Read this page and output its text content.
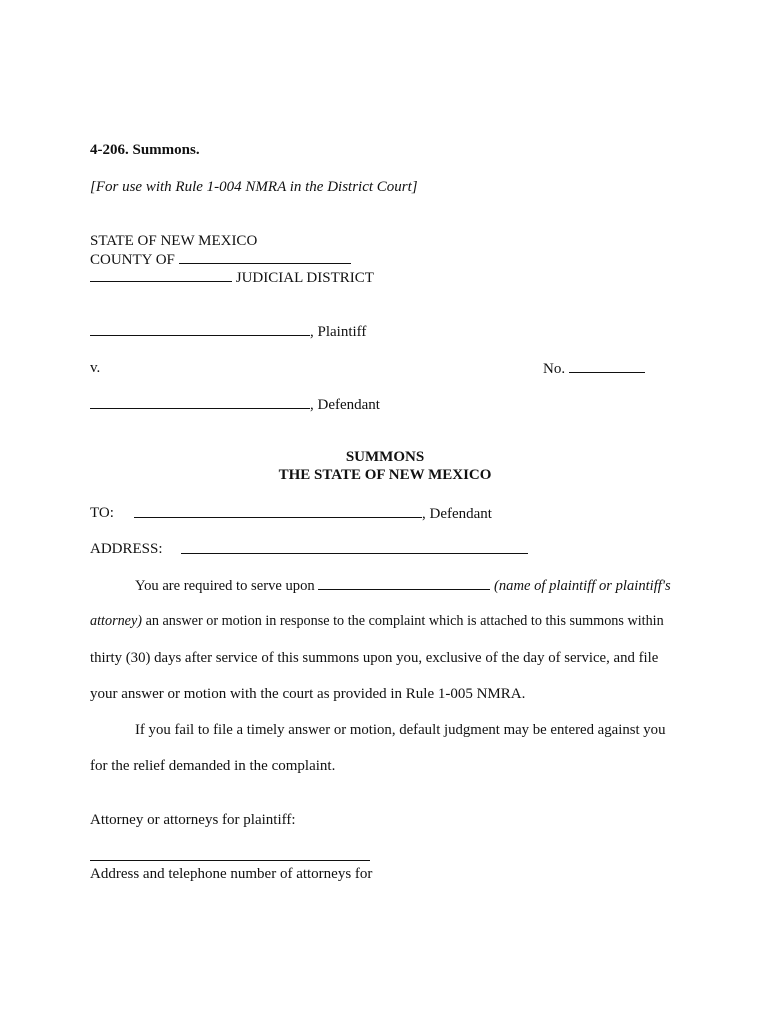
4-206. Summons.
[For use with Rule 1-004 NMRA in the District Court]
STATE OF NEW MEXICO
COUNTY OF
JUDICIAL DISTRICT
, Plaintiff
v.	No.
, Defendant
SUMMONS
THE STATE OF NEW MEXICO
TO:	, Defendant
ADDRESS:
You are required to serve upon	(name of plaintiff or plaintiff's
attorney) an answer or motion in response to the complaint which is attached to this summons within
thirty (30) days after service of this summons upon you, exclusive of the day of service, and file
your answer or motion with the court as provided in Rule 1-005 NMRA.
If you fail to file a timely answer or motion, default judgment may be entered against you
for the relief demanded in the complaint.
Attorney or attorneys for plaintiff:
Address and telephone number of attorneys for
